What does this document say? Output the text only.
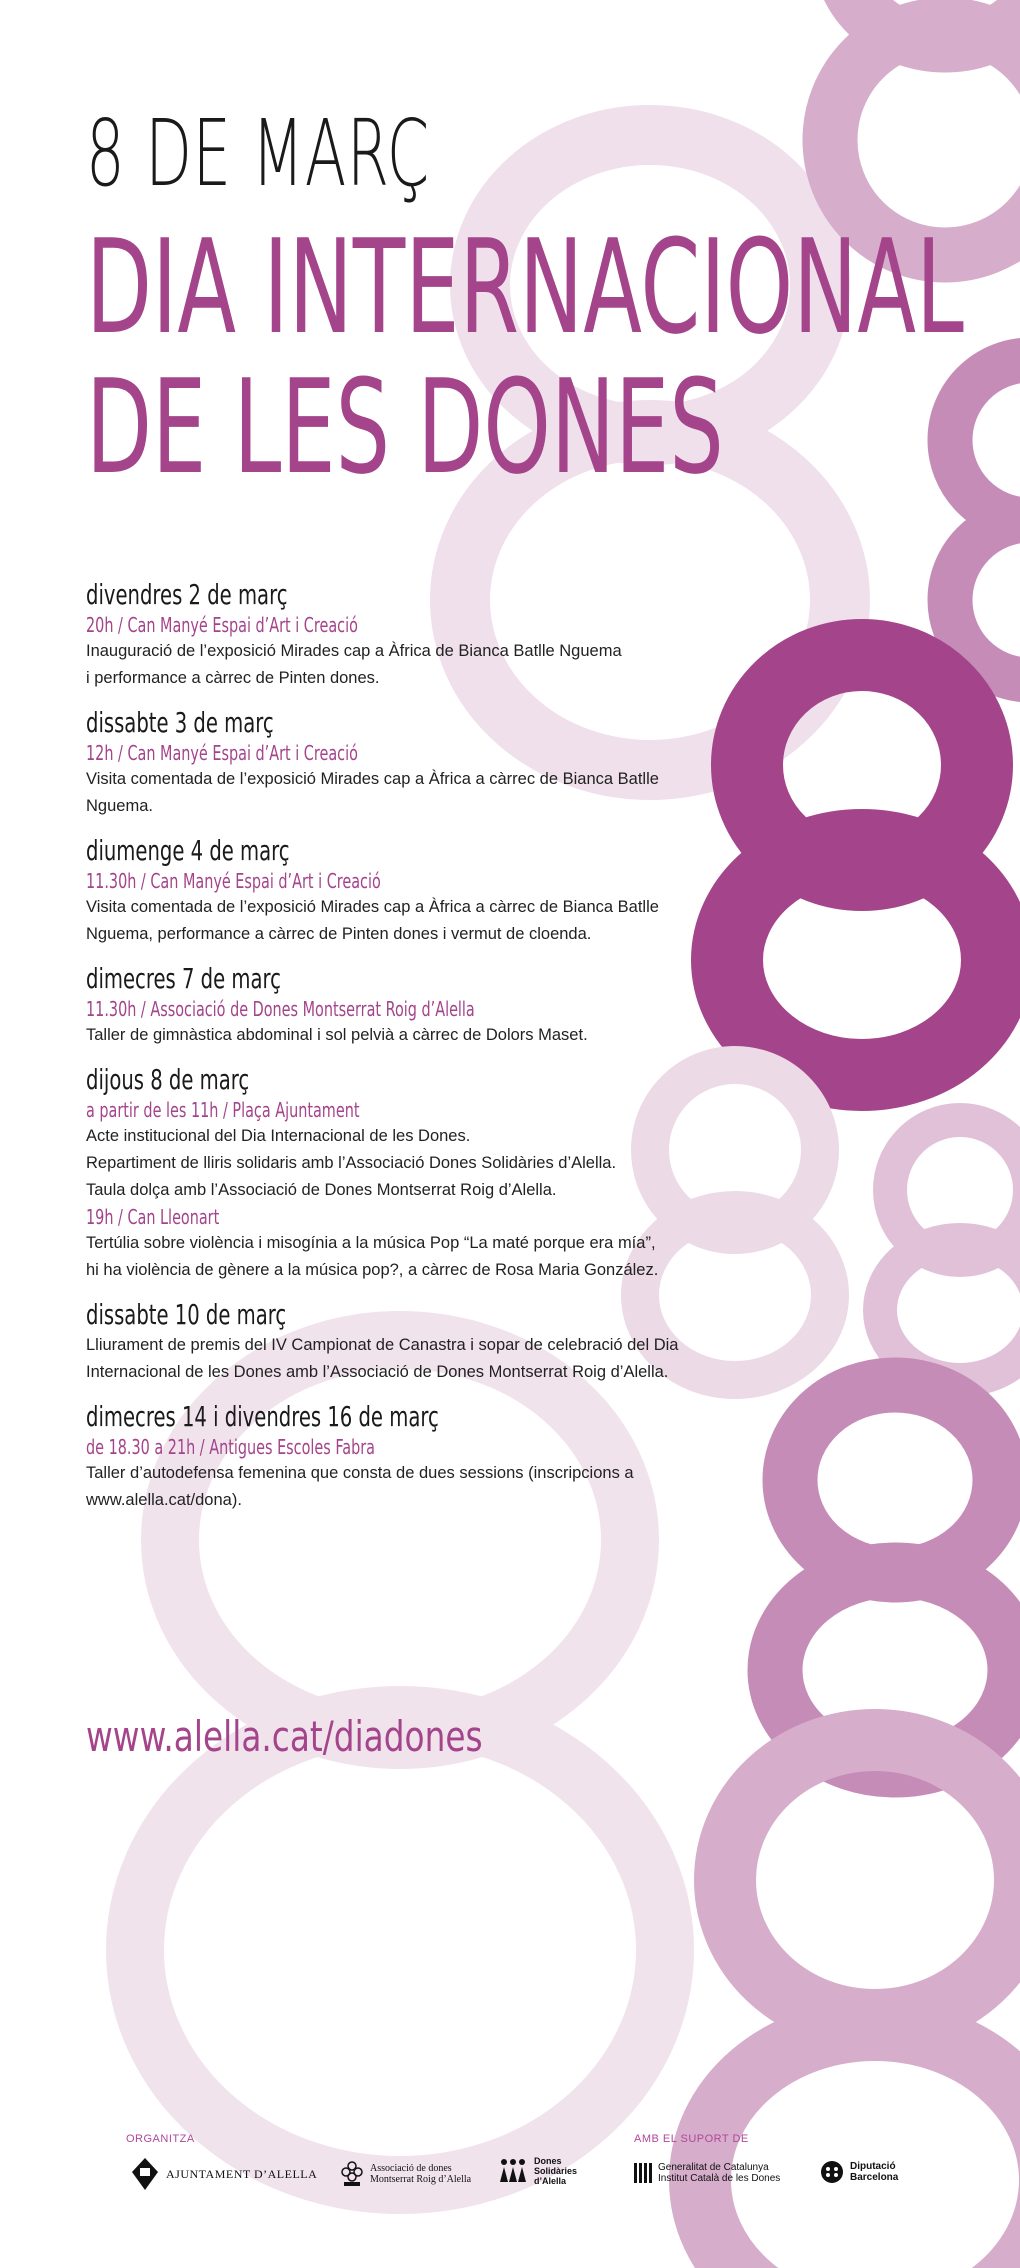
8 DE MARÇ
DIA INTERNACIONAL
DE LES DONES
divendres 2 de març
20h / Can Manyé Espai d’Art i Creació
Inauguració de l’exposició Mirades cap a Àfrica de Bianca Batlle Nguema
i performance a càrrec de Pinten dones.
dissabte 3 de març
12h / Can Manyé Espai d’Art i Creació
Visita comentada de l’exposició Mirades cap a Àfrica a càrrec de Bianca Batlle
Nguema.
diumenge 4 de març
11.30h / Can Manyé Espai d’Art i Creació
Visita comentada de l’exposició Mirades cap a Àfrica a càrrec de Bianca Batlle
Nguema, performance a càrrec de Pinten dones i vermut de cloenda.
dimecres 7 de març
11.30h / Associació de Dones Montserrat Roig d’Alella
Taller de gimnàstica abdominal i sol pelvià a càrrec de Dolors Maset.
dijous 8 de març
a partir de les 11h / Plaça Ajuntament
Acte institucional del Dia Internacional de les Dones.
Repartiment de lliris solidaris amb l’Associació Dones Solidàries d’Alella.
Taula dolça amb l’Associació de Dones Montserrat Roig d’Alella.
19h / Can Lleonart
Tertúlia sobre violència i misogínia a la música Pop “La maté porque era mía”,
hi ha violència de gènere a la música pop?, a càrrec de Rosa Maria González.
dissabte 10 de març
Lliurament de premis del IV Campionat de Canastra i sopar de celebració del Dia
Internacional de les Dones amb l’Associació de Dones Montserrat Roig d’Alella.
dimecres 14 i divendres 16 de març
de 18.30 a 21h / Antigues Escoles Fabra
Taller d’autodefensa femenina que consta de dues sessions (inscripcions a
www.alella.cat/dona).
www.alella.cat/diadones
ORGANITZA	AMB EL SUPORT DE
AJUNTAMENT D’ALELLA	Associació de dones
Montserrat Roig d’Alella
Dones
Solidàries
d’Alella
Generalitat de Catalunya
Institut Català de les Dones
Diputació
Barcelona
